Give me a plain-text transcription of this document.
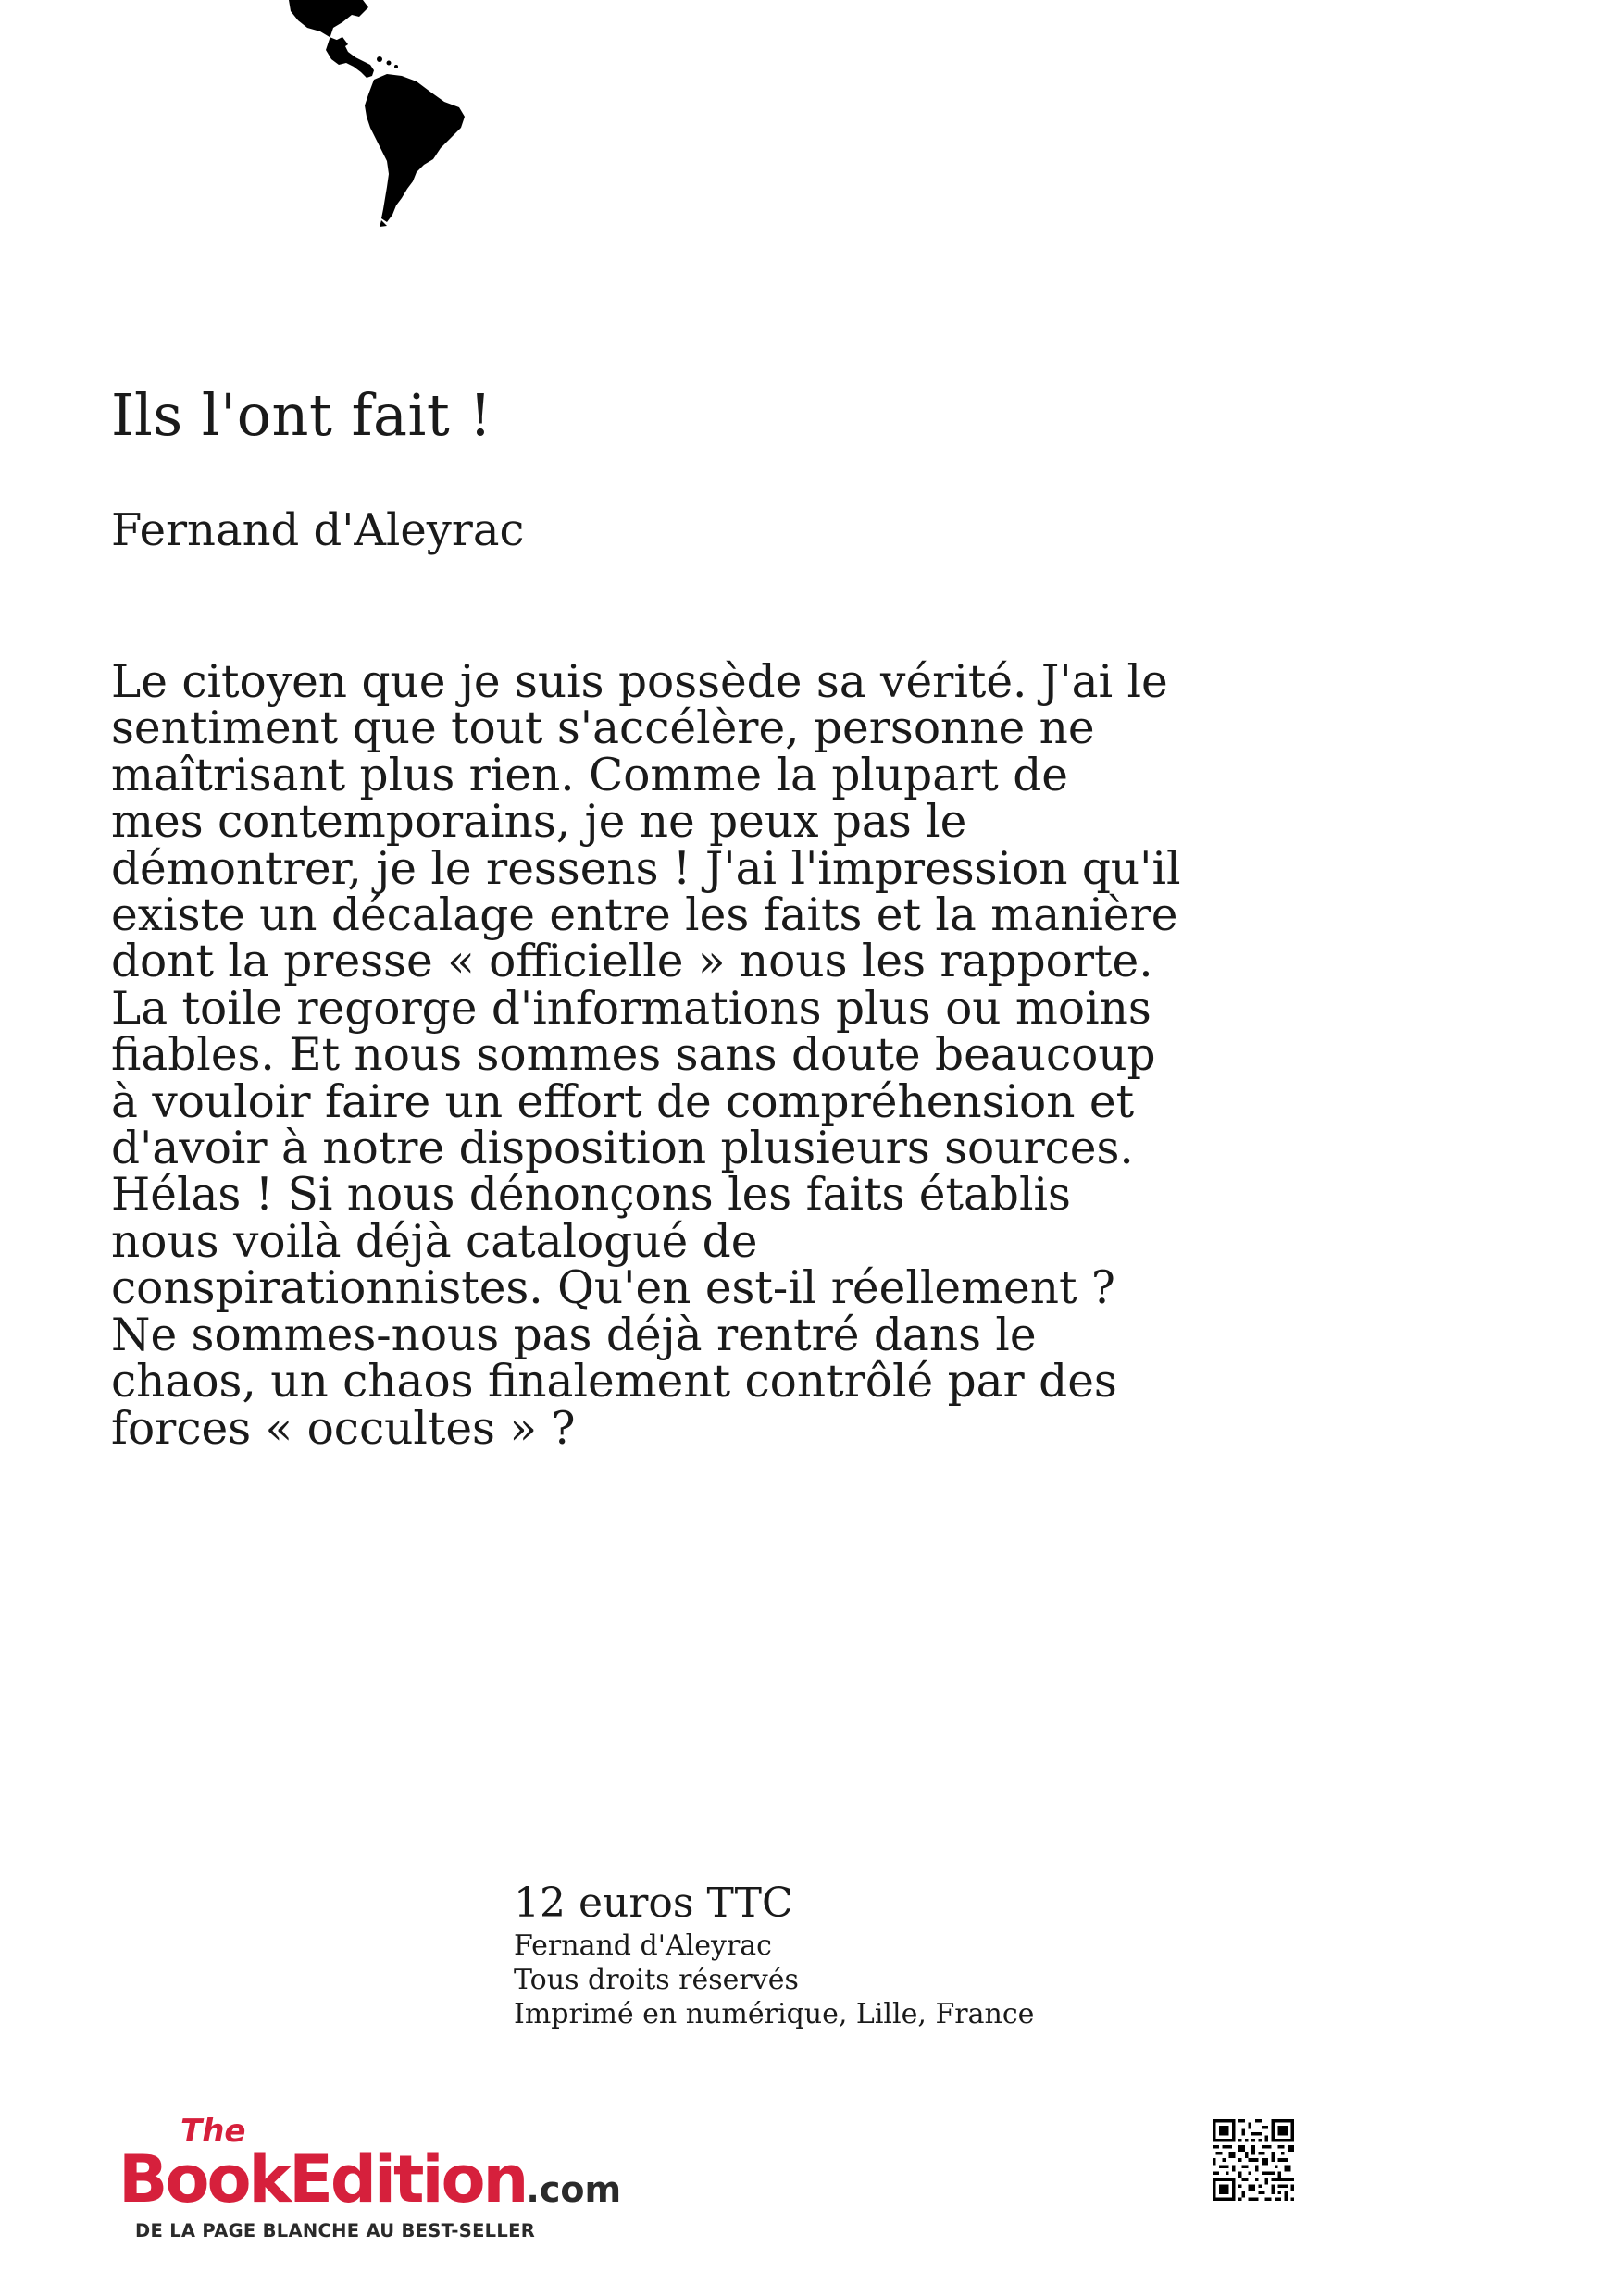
Ils l'ont fait !
Fernand d'Aleyrac
Le citoyen que je suis possède sa vérité. J'ai le
sentiment que tout s'accélère, personne ne
maîtrisant plus rien. Comme la plupart de
mes contemporains, je ne peux pas le
démontrer, je le ressens ! J'ai l'impression qu'il
existe un décalage entre les faits et la manière
dont la presse « officielle » nous les rapporte.
La toile regorge d'informations plus ou moins
fiables. Et nous sommes sans doute beaucoup
à vouloir faire un effort de compréhension et
d'avoir à notre disposition plusieurs sources.
Hélas ! Si nous dénonçons les faits établis
nous voilà déjà catalogué de
conspirationnistes. Qu'en est-il réellement ?
Ne sommes-nous pas déjà rentré dans le
chaos, un chaos finalement contrôlé par des
forces « occultes » ?
12 euros TTC
Fernand d'Aleyrac
Tous droits réservés
Imprimé en numérique, Lille, France
The
BookEdition.com
DE LA PAGE BLANCHE AU BEST-SELLER
